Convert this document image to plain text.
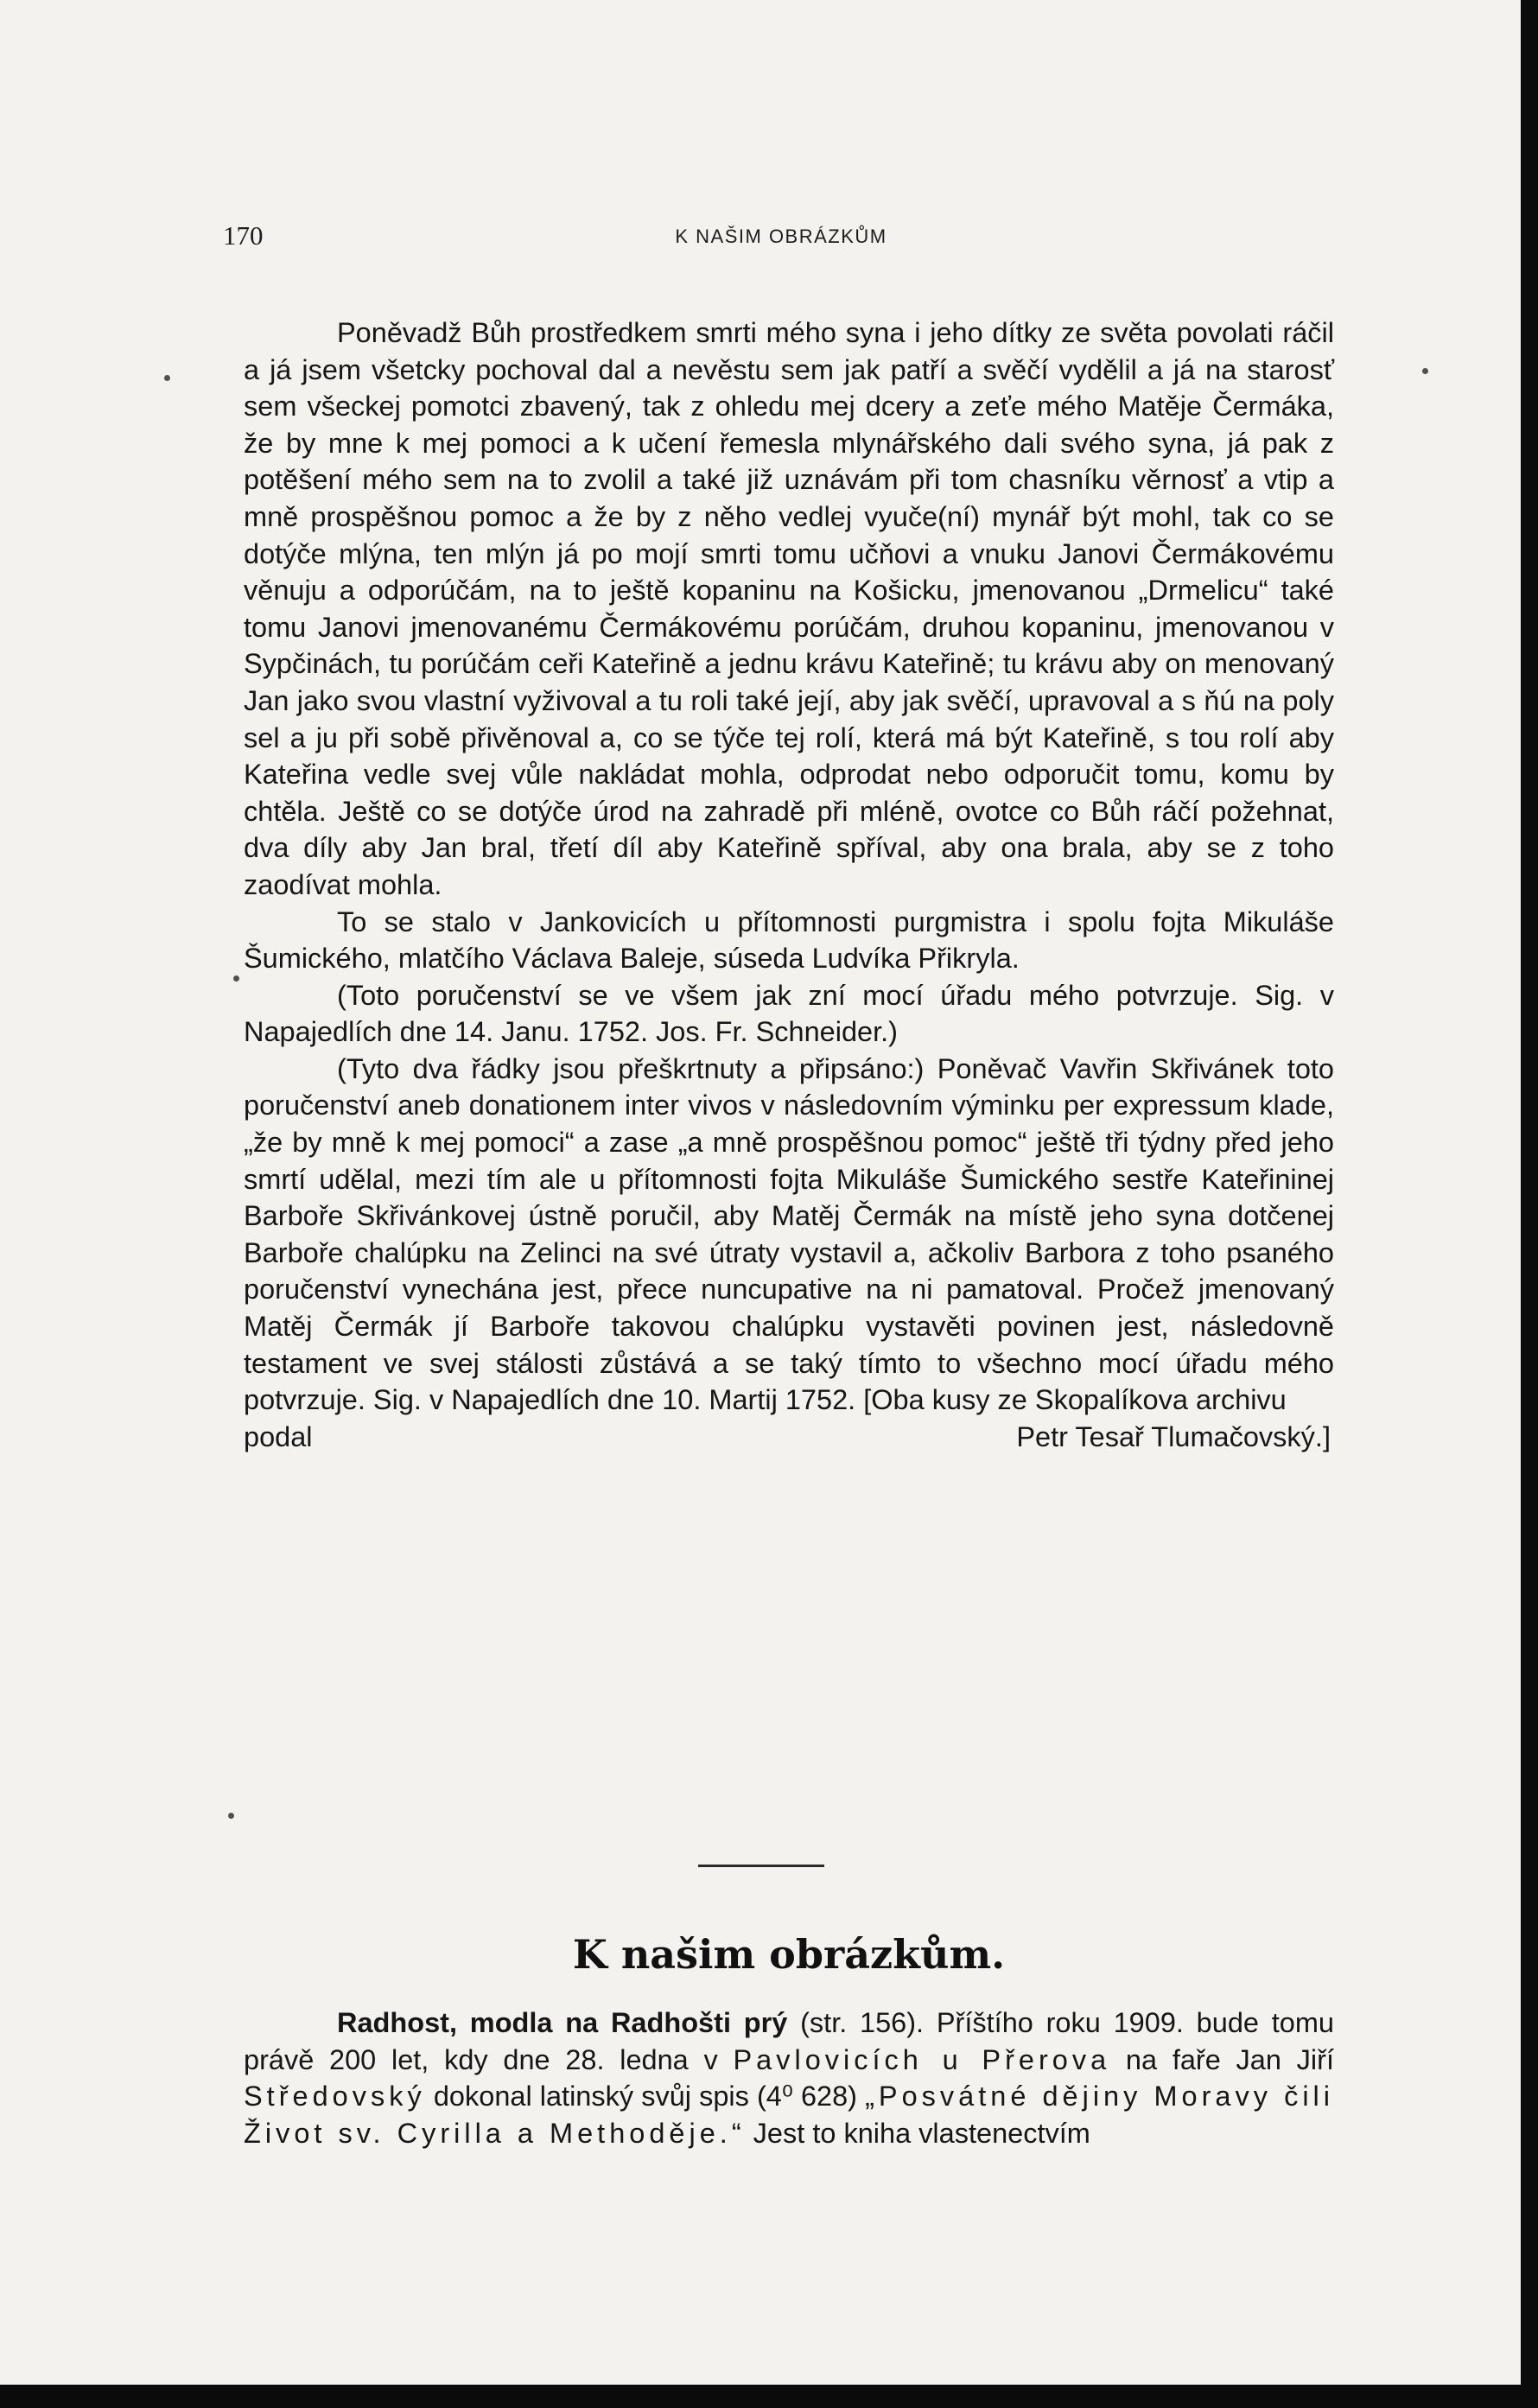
170	K NAŠIM OBRÁZKŮM

Poněvadž Bůh prostředkem smrti mého syna i jeho dítky ze světa povolati ráčil a já jsem všetcky pochoval dal a nevěstu sem jak patří a svěčí vydělil a já na starosť sem všeckej pomotci zbavený, tak z ohledu mej dcery a zeťe mého Matěje Čermáka, že by mne k mej pomoci a k učení řemesla mlynářského dali svého syna, já pak z potěšení mého sem na to zvolil a také již uznávám při tom chasníku věrnosť a vtip a mně prospěšnou pomoc a že by z něho vedlej vyuče(ní) mynář být mohl, tak co se dotýče mlýna, ten mlýn já po mojí smrti tomu učňovi a vnuku Janovi Čermákovému věnuju a odporúčám, na to ještě kopaninu na Košicku, jmenovanou „Drmelicu“ také tomu Janovi jmenovanému Čermákovému porúčám, druhou kopaninu, jmenovanou v Sypčinách, tu porúčám ceři Kateřině a jednu krávu Kateřině; tu krávu aby on menovaný Jan jako svou vlastní vyživoval a tu roli také její, aby jak svěčí, upravoval a s ňú na poly sel a ju při sobě přivěnoval a, co se týče tej rolí, která má být Kateřině, s tou rolí aby Kateřina vedle svej vůle nakládat mohla, odprodat nebo odporučit tomu, komu by chtěla. Ještě co se dotýče úrod na zahradě při mléně, ovotce co Bůh ráčí požehnat, dva díly aby Jan bral, třetí díl aby Kateřině spříval, aby ona brala, aby se z toho zaodívat mohla.

To se stalo v Jankovicích u přítomnosti purgmistra i spolu fojta Mikuláše Šumického, mlatčího Václava Baleje, súseda Ludvíka Přikryla.

(Toto poručenství se ve všem jak zní mocí úřadu mého potvrzuje. Sig. v Napajedlích dne 14. Janu. 1752. Jos. Fr. Schneider.)

(Tyto dva řádky jsou přeškrtnuty a připsáno:) Poněvač Vavřin Skřivánek toto poručenství aneb donationem inter vivos v následovním výminku per expressum klade, „že by mně k mej pomoci“ a zase „a mně prospěšnou pomoc“ ještě tři týdny před jeho smrtí udělal, mezi tím ale u přítomnosti fojta Mikuláše Šumického sestře Kateřininej Barboře Skřivánkovej ústně poručil, aby Matěj Čermák na místě jeho syna dotčenej Barboře chalúpku na Zelinci na své útraty vystavil a, ačkoliv Barbora z toho psaného poručenství vynechána jest, přece nuncupative na ni pamatoval. Pročež jmenovaný Matěj Čermák jí Barboře takovou chalúpku vystavěti povinen jest, následovně testament ve svej stálosti zůstává a se taký tímto to všechno mocí úřadu mého potvrzuje. Sig. v Napajedlích dne 10. Martij 1752. [Oba kusy ze Skopalíkova archivu

podal	Petr Tesař Tlumačovský.]

K našim obrázkům.

Radhost, modla na Radhošti prý (str. 156). Příštího roku 1909. bude tomu právě 200 let, kdy dne 28. ledna v Pavlovicích u Přerova na faře Jan Jiří Středovský dokonal latinský svůj spis (4⁰ 628) „Posvátné dějiny Moravy čili Život sv. Cyrilla a Methoděje.“ Jest to kniha vlastenectvím
